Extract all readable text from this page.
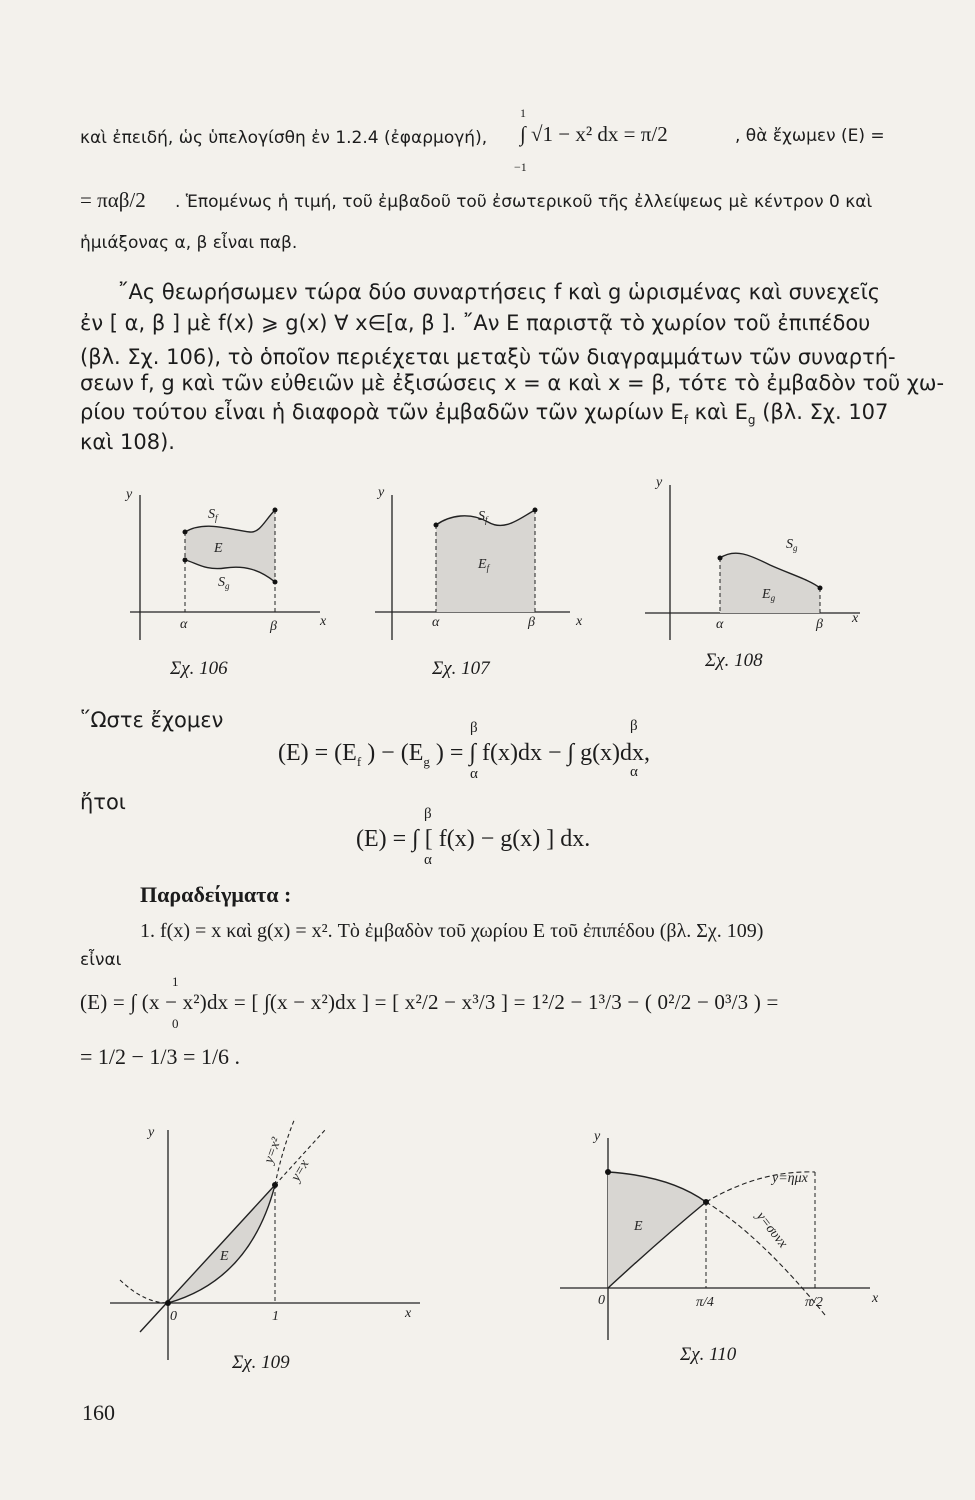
καὶ ἐπειδή, ὡς ὑπελογίσθη ἐν 1.2.4 (ἐφαρμογή),
1
∫ √1 − x² dx = π/2
−1
, θὰ ἔχωμεν (Ε) =
= παβ/2 . Ἑπομένως ἡ τιμή, τοῦ ἐμβαδοῦ τοῦ ἐσωτερικοῦ τῆς ἐλλείψεως μὲ κέντρον 0 καὶ
ἡμιάξονας α, β εἶναι παβ.
῎Ας θεωρήσωμεν τώρα δύο συναρτήσεις f καὶ g ὡρισμένας καὶ συνεχεῖς
ἐν [ α, β ] μὲ f(x) ⩾ g(x) ∀ x∈[α, β ]. ῎Αν Ε παριστᾷ τὸ χωρίον τοῦ ἐπιπέδου
(βλ. Σχ. 106), τὸ ὁποῖον περιέχεται μεταξὺ τῶν διαγραμμάτων τῶν συναρτή-
σεων f, g καὶ τῶν εὐθειῶν μὲ ἐξισώσεις x = α καὶ x = β, τότε τὸ ἐμβαδὸν τοῦ χω-
ρίου τούτου εἶναι ἡ διαφορὰ τῶν ἐμβαδῶν τῶν χωρίων $E_f$ καὶ $E_g$ (βλ. Σχ. 107
καὶ 108).
y
x
α	β
$S_f$
$S_g$
E
Σχ. 106
y
x
α	β
$S_f$
$E_f$
Σχ. 107
y
x
α	β
$S_g$
$E_g$
Σχ. 108
῞Ωστε ἔχομεν	β	β
$(E) = (E_f$ ) − ($E_g$ ) = ∫ f(x)dx − ∫ g(x)dx,
α	α
ἤτοι	β
(Ε) = ∫ [ f(x) − g(x) ] dx.
α
Παραδείγματα :
1. f(x) = x καὶ g(x) = x². Τὸ ἐμβαδὸν τοῦ χωρίου Ε τοῦ ἐπιπέδου (βλ. Σχ. 109)
εἶναι
1
(Ε) = ∫ (x − x²)dx = [ ∫(x − x²)dx ] = [ x²/2 − x³/3 ] = 1²/2 − 1³/3 − ( 0²/2 − 0³/3 ) =
0
= 1/2 − 1/3 = 1/6 .
y
x
0	1
E
y=x²
y=x
Σχ. 109
y
x
0	π/4	π/2
E
y=ημx
y=συνx
Σχ. 110
160
